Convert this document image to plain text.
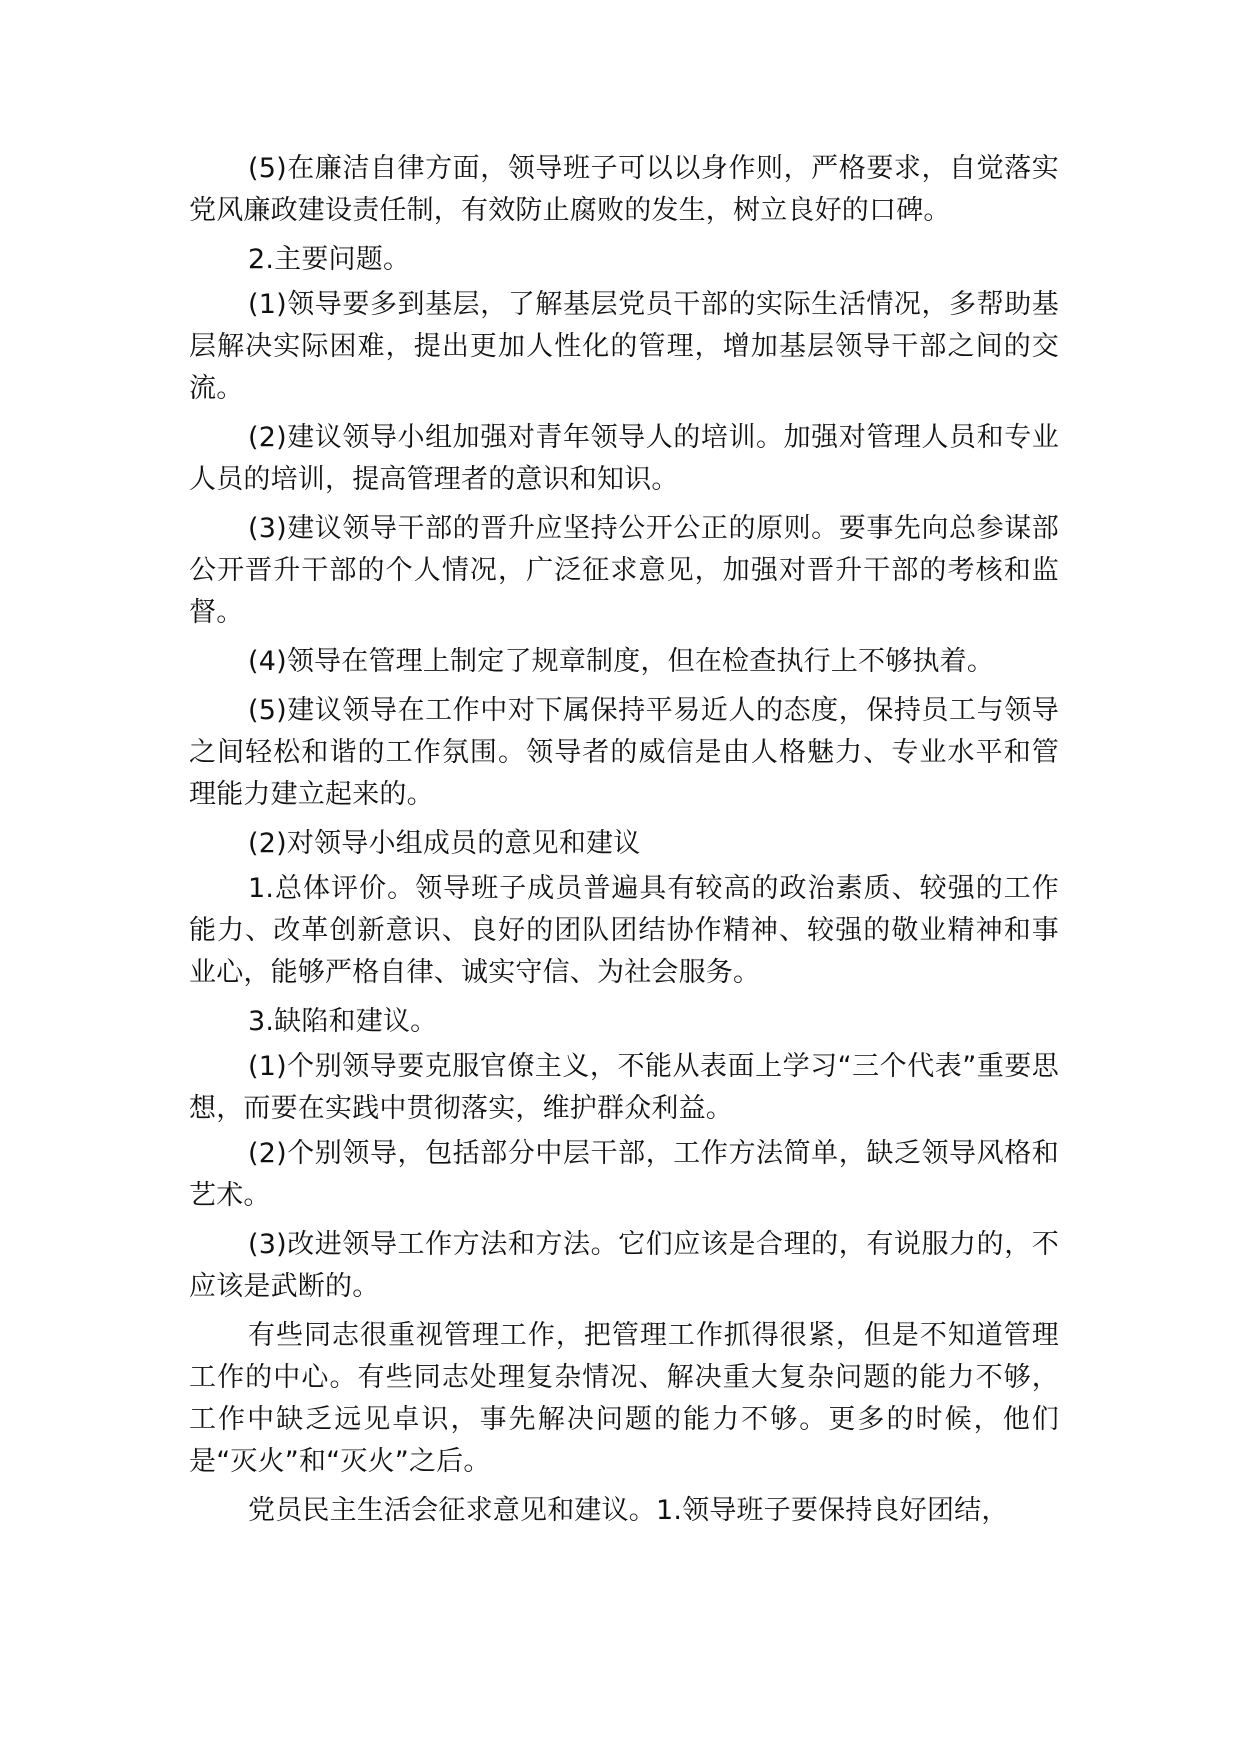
(5)在廉洁自律方面，领导班子可以以身作则，严格要求，自觉落实党风廉政建设责任制，有效防止腐败的发生，树立良好的口碑。

2.主要问题。

(1)领导要多到基层，了解基层党员干部的实际生活情况，多帮助基层解决实际困难，提出更加人性化的管理，增加基层领导干部之间的交流。

(2)建议领导小组加强对青年领导人的培训。加强对管理人员和专业人员的培训，提高管理者的意识和知识。

(3)建议领导干部的晋升应坚持公开公正的原则。要事先向总参谋部公开晋升干部的个人情况，广泛征求意见，加强对晋升干部的考核和监督。

(4)领导在管理上制定了规章制度，但在检查执行上不够执着。

(5)建议领导在工作中对下属保持平易近人的态度，保持员工与领导之间轻松和谐的工作氛围。领导者的威信是由人格魅力、专业水平和管理能力建立起来的。

(2)对领导小组成员的意见和建议

1.总体评价。领导班子成员普遍具有较高的政治素质、较强的工作能力、改革创新意识、良好的团队团结协作精神、较强的敬业精神和事业心，能够严格自律、诚实守信、为社会服务。

3.缺陷和建议。

(1)个别领导要克服官僚主义，不能从表面上学习“三个代表”重要思想，而要在实践中贯彻落实，维护群众利益。

(2)个别领导，包括部分中层干部，工作方法简单，缺乏领导风格和艺术。

(3)改进领导工作方法和方法。它们应该是合理的，有说服力的，不应该是武断的。

有些同志很重视管理工作，把管理工作抓得很紧，但是不知道管理工作的中心。有些同志处理复杂情况、解决重大复杂问题的能力不够，工作中缺乏远见卓识，事先解决问题的能力不够。更多的时候，他们是“灭火”和“灭火”之后。

党员民主生活会征求意见和建议。1.领导班子要保持良好团结，
